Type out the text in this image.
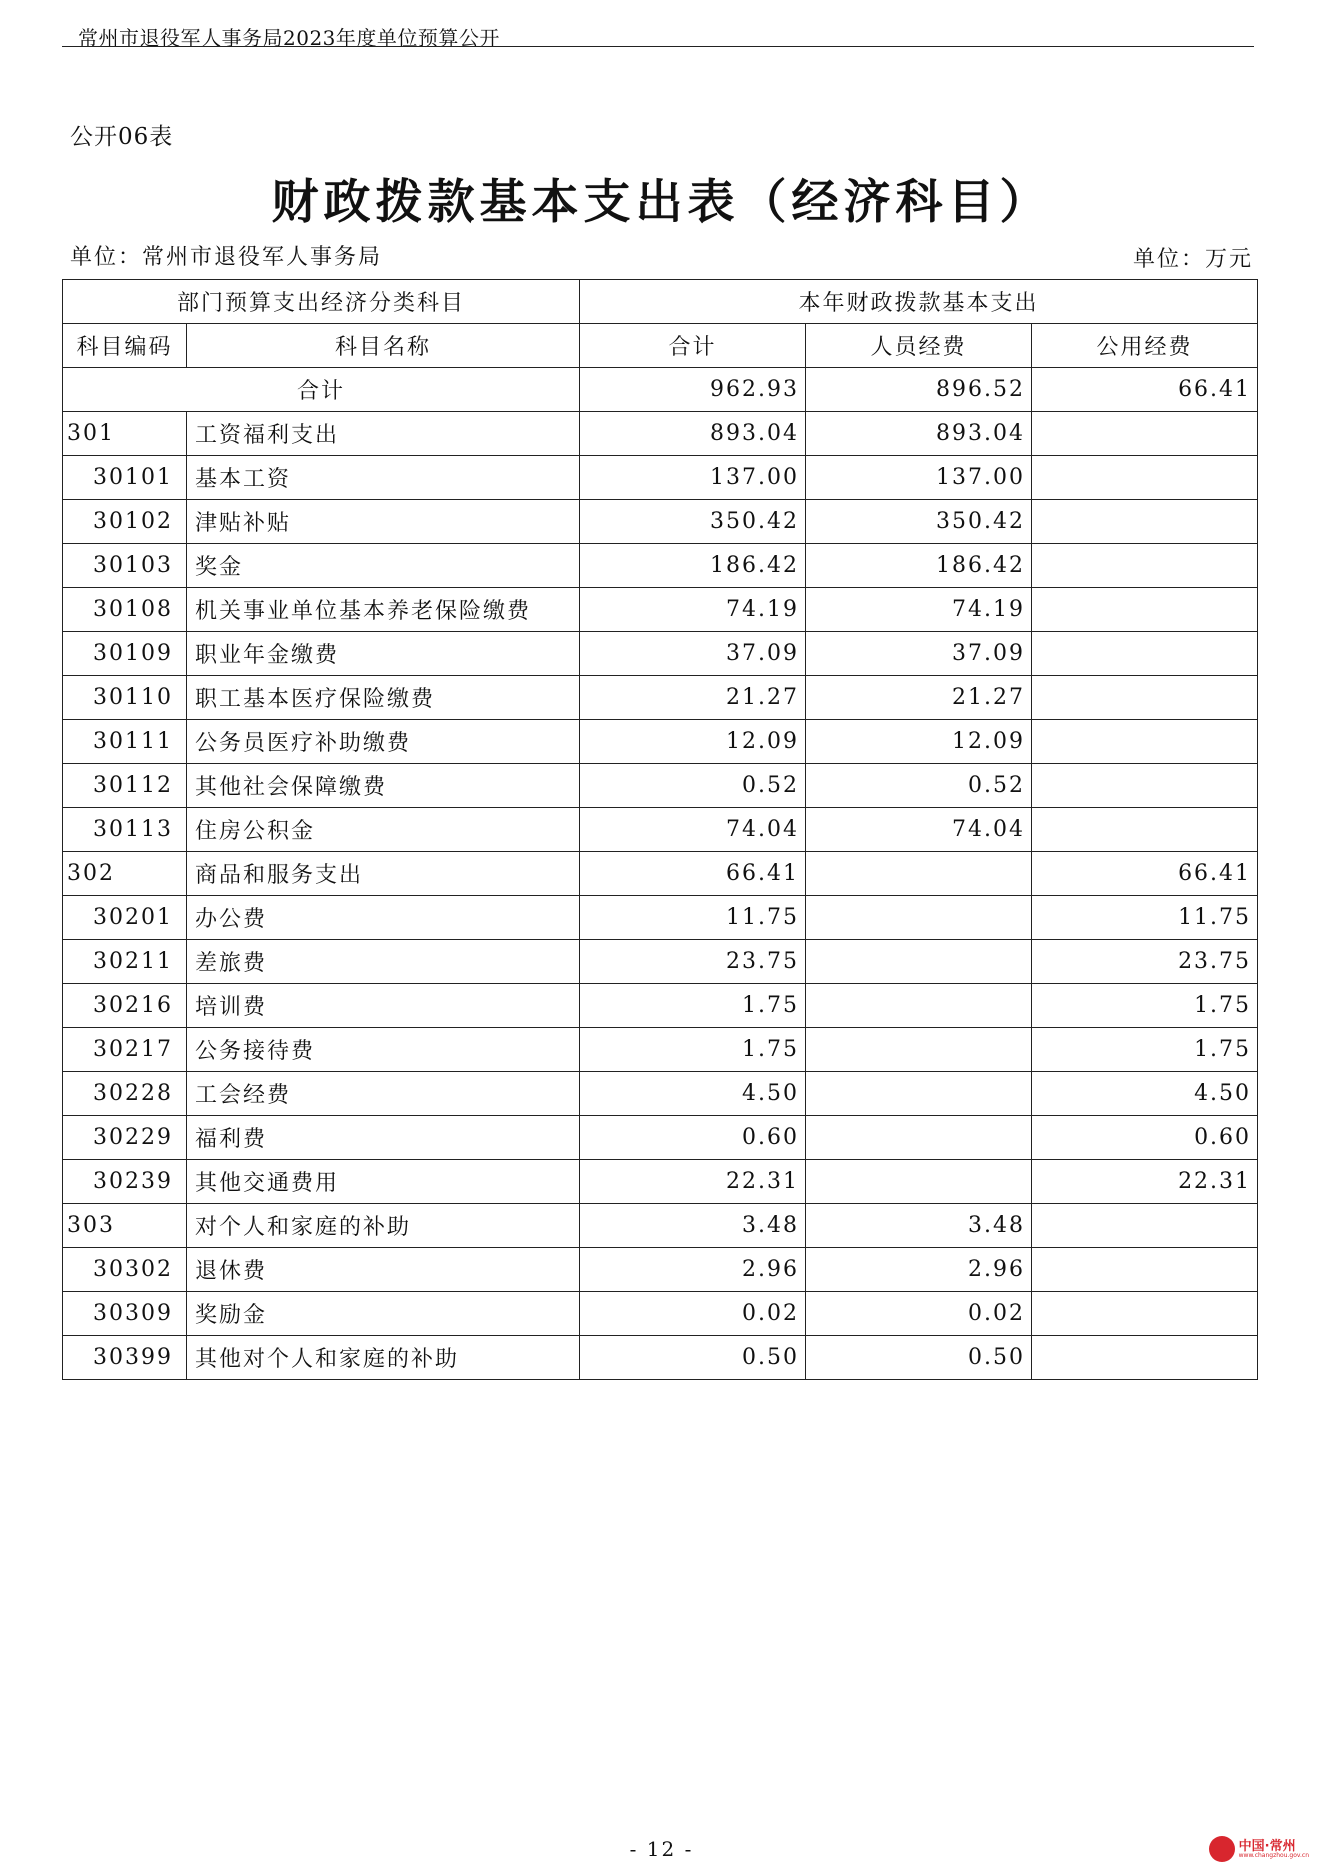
常州市退役军人事务局2023年度单位预算公开
公开06表
财政拨款基本支出表（经济科目）
单位：常州市退役军人事务局	单位：万元
部门预算支出经济分类科目		本年财政拨款基本支出		
科目编码	科目名称	合计	人员经费	公用经费
合计		962.93	896.52	66.41
301	工资福利支出	893.04	893.04	
30101	基本工资	137.00	137.00	
30102	津贴补贴	350.42	350.42	
30103	奖金	186.42	186.42	
30108	机关事业单位基本养老保险缴费	74.19	74.19	
30109	职业年金缴费	37.09	37.09	
30110	职工基本医疗保险缴费	21.27	21.27	
30111	公务员医疗补助缴费	12.09	12.09	
30112	其他社会保障缴费	0.52	0.52	
30113	住房公积金	74.04	74.04	
302	商品和服务支出	66.41		66.41
30201	办公费	11.75		11.75
30211	差旅费	23.75		23.75
30216	培训费	1.75		1.75
30217	公务接待费	1.75		1.75
30228	工会经费	4.50		4.50
30229	福利费	0.60		0.60
30239	其他交通费用	22.31		22.31
303	对个人和家庭的补助	3.48	3.48	
30302	退休费	2.96	2.96	
30309	奖励金	0.02	0.02	
30399	其他对个人和家庭的补助	0.50	0.50	
- 12 -	中国·常州
www.changzhou.gov.cn
